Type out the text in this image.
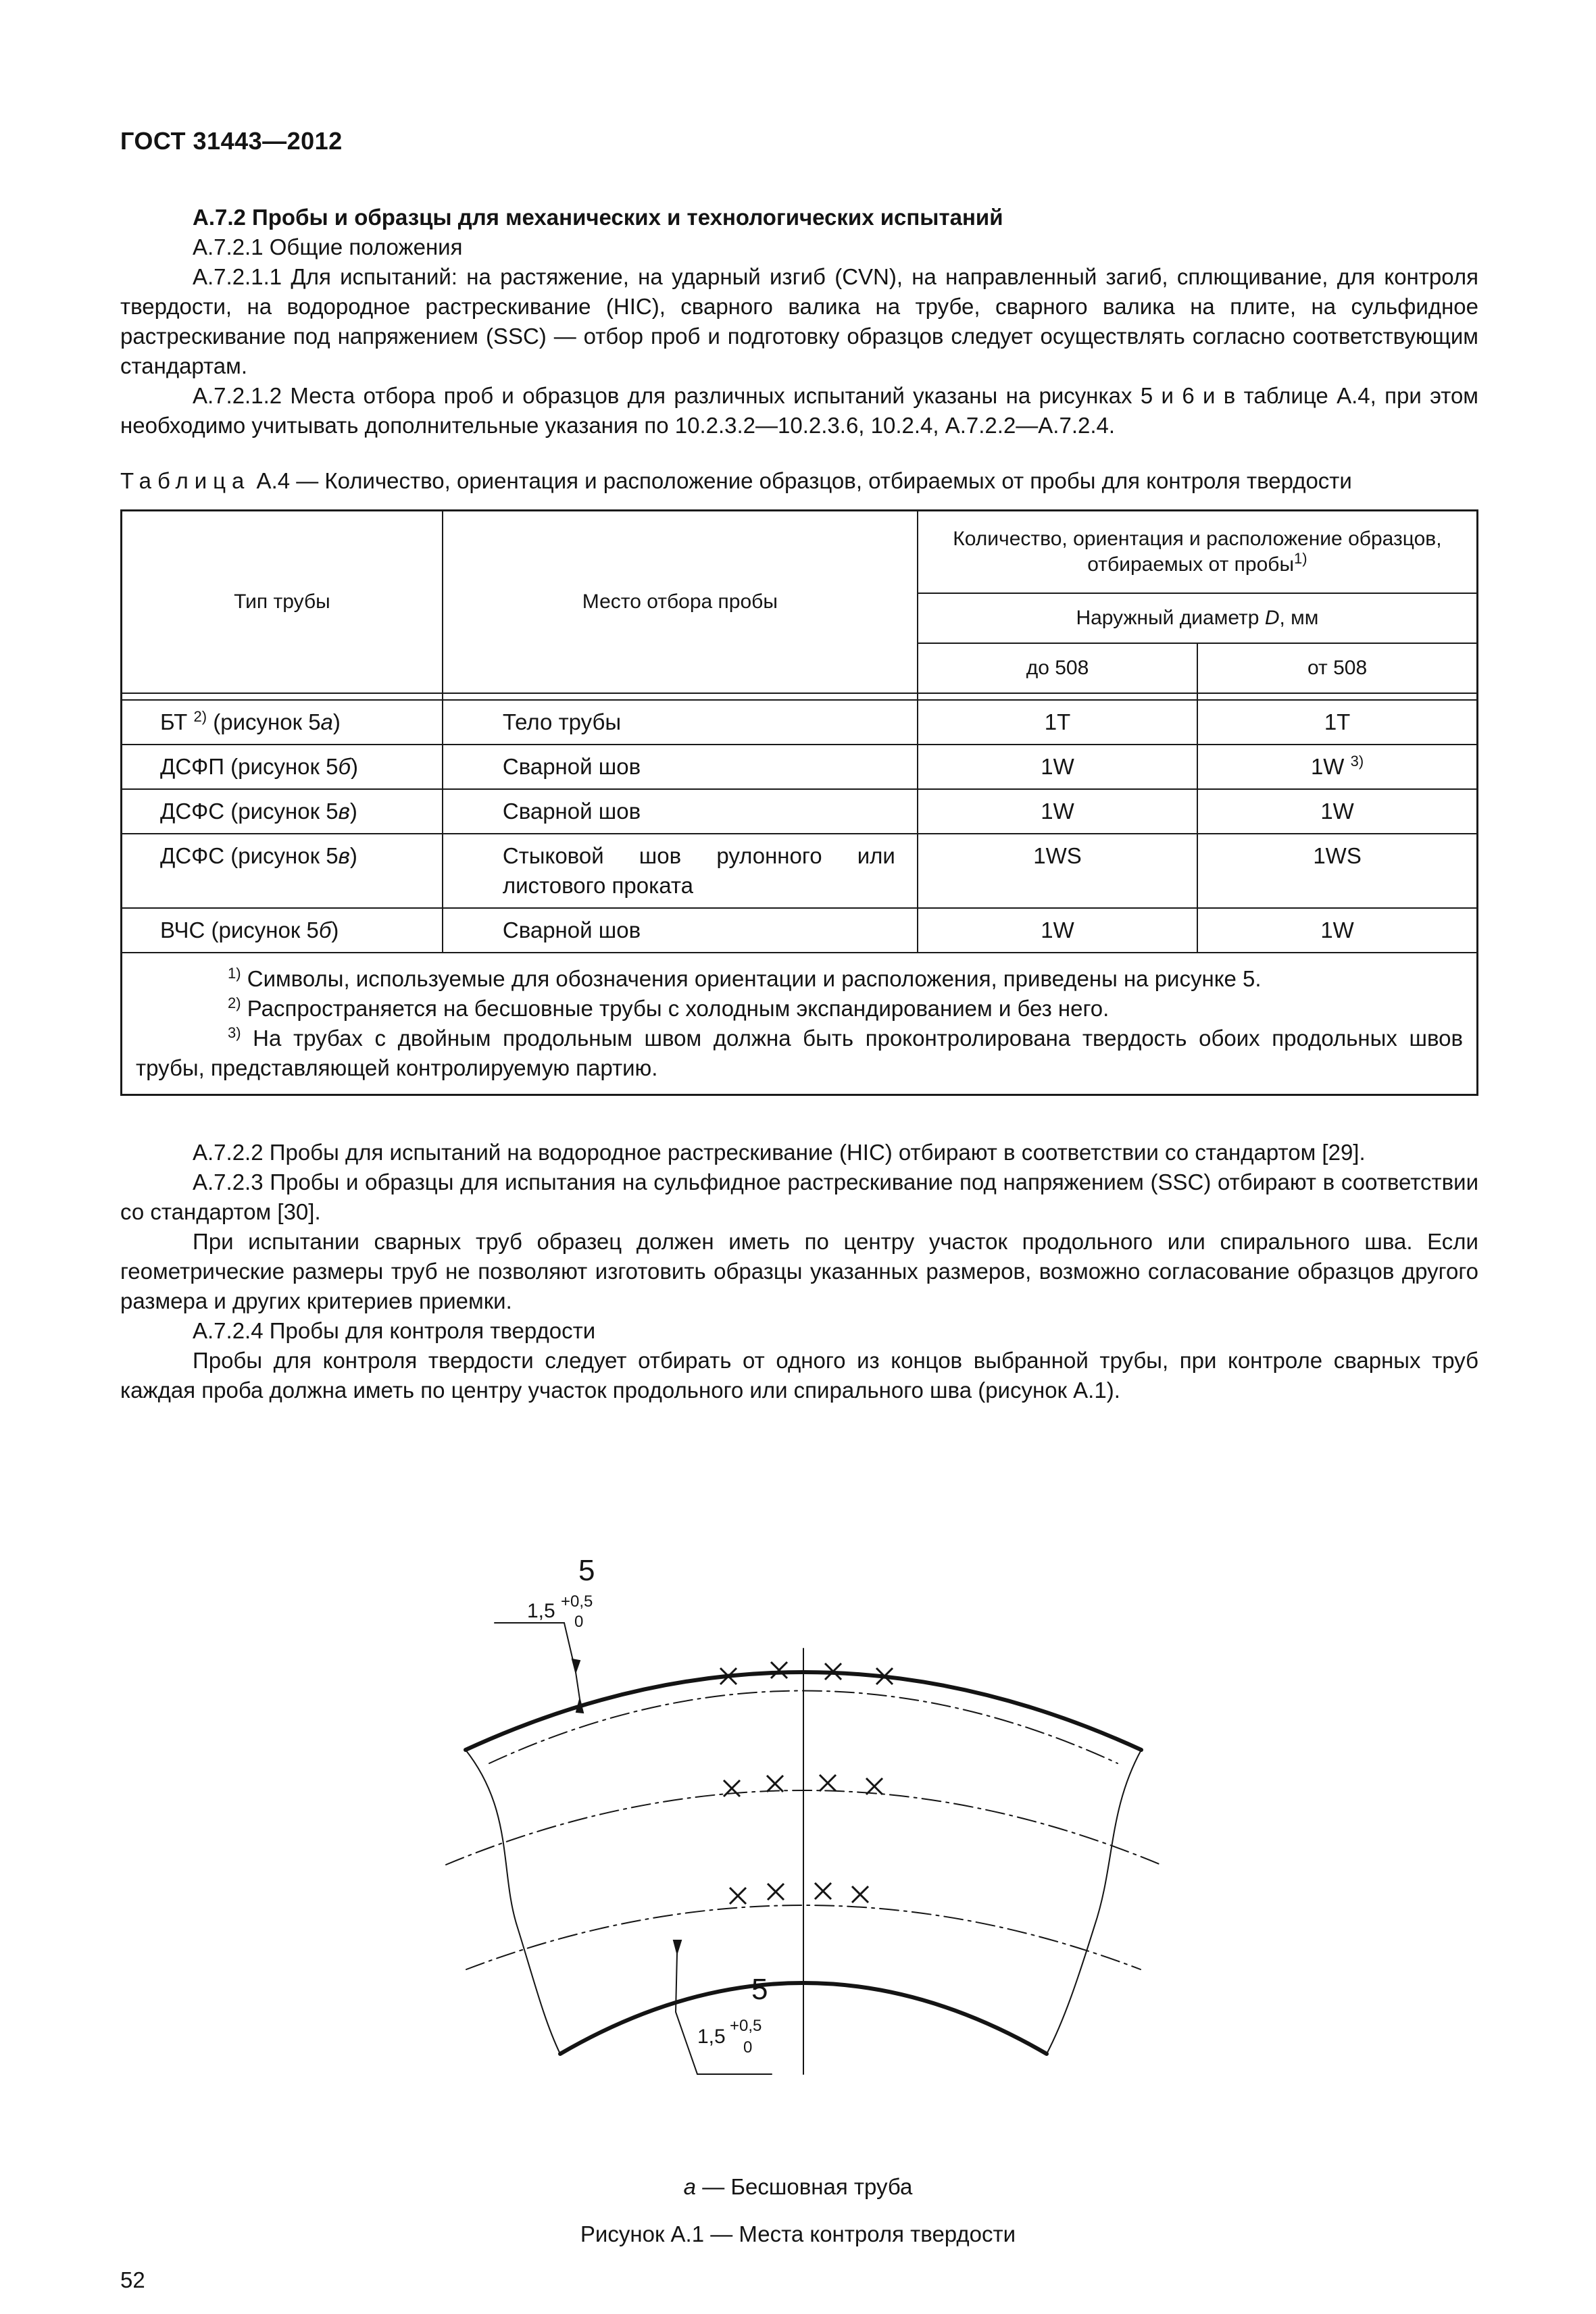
ГОСТ 31443—2012

А.7.2 Пробы и образцы для механических и технологических испытаний

А.7.2.1 Общие положения

А.7.2.1.1 Для испытаний: на растяжение, на ударный изгиб (CVN), на направленный загиб, сплющивание, для контроля твердости, на водородное растрескивание (HIC), сварного валика на трубе, сварного валика на плите, на сульфидное растрескивание под напряжением (SSC) — отбор проб и подготовку образцов следует осуществлять согласно соответствующим стандартам.

А.7.2.1.2 Места отбора проб и образцов для различных испытаний указаны на рисунках 5 и 6 и в таблице А.4, при этом необходимо учитывать дополнительные указания по 10.2.3.2—10.2.3.6, 10.2.4, А.7.2.2—А.7.2.4.

Таблица А.4 — Количество, ориентация и расположение образцов, отбираемых от пробы для контроля твердости

Тип трубы	Место отбора пробы	Количество, ориентация и расположение образцов, отбираемых от пробы$^{1)}$
		Наружный диаметр D, мм	
		до 508	от 508

БТ $^{2)}$ (рисунок 5а)	Тело трубы	1T	1T
ДСФП (рисунок 5б)	Сварной шов	1W	1W $^{3)}$
ДСФС (рисунок 5в)	Сварной шов	1W	1W
ДСФС (рисунок 5в)	Стыковой шов рулонного или листового проката	1WS	1WS
ВЧС (рисунок 5б)	Сварной шов	1W	1W

$^{1)}$ Символы, используемые для обозначения ориентации и расположения, приведены на рисунке 5.
$^{2)}$ Распространяется на бесшовные трубы с холодным экспандированием и без него.
$^{3)}$ На трубах с двойным продольным швом должна быть проконтролирована твердость обоих продольных швов трубы, представляющей контролируемую партию.			

А.7.2.2 Пробы для испытаний на водородное растрескивание (HIC) отбирают в соответствии со стандартом [29].

А.7.2.3 Пробы и образцы для испытания на сульфидное растрескивание под напряжением (SSC) отбирают в соответствии со стандартом [30].

При испытании сварных труб образец должен иметь по центру участок продольного или спирального шва. Если геометрические размеры труб не позволяют изготовить образцы указанных размеров, возможно согласование образцов другого размера и других критериев приемки.

А.7.2.4 Пробы для контроля твердости

Пробы для контроля твердости следует отбирать от одного из концов выбранной трубы, при контроле сварных труб каждая проба должна иметь по центру участок продольного или спирального шва (рисунок А.1).

5
1,5 +0,5
0
5
1,5 +0,5
0
а — Бесшовная труба
Рисунок А.1 — Места контроля твердости
52
